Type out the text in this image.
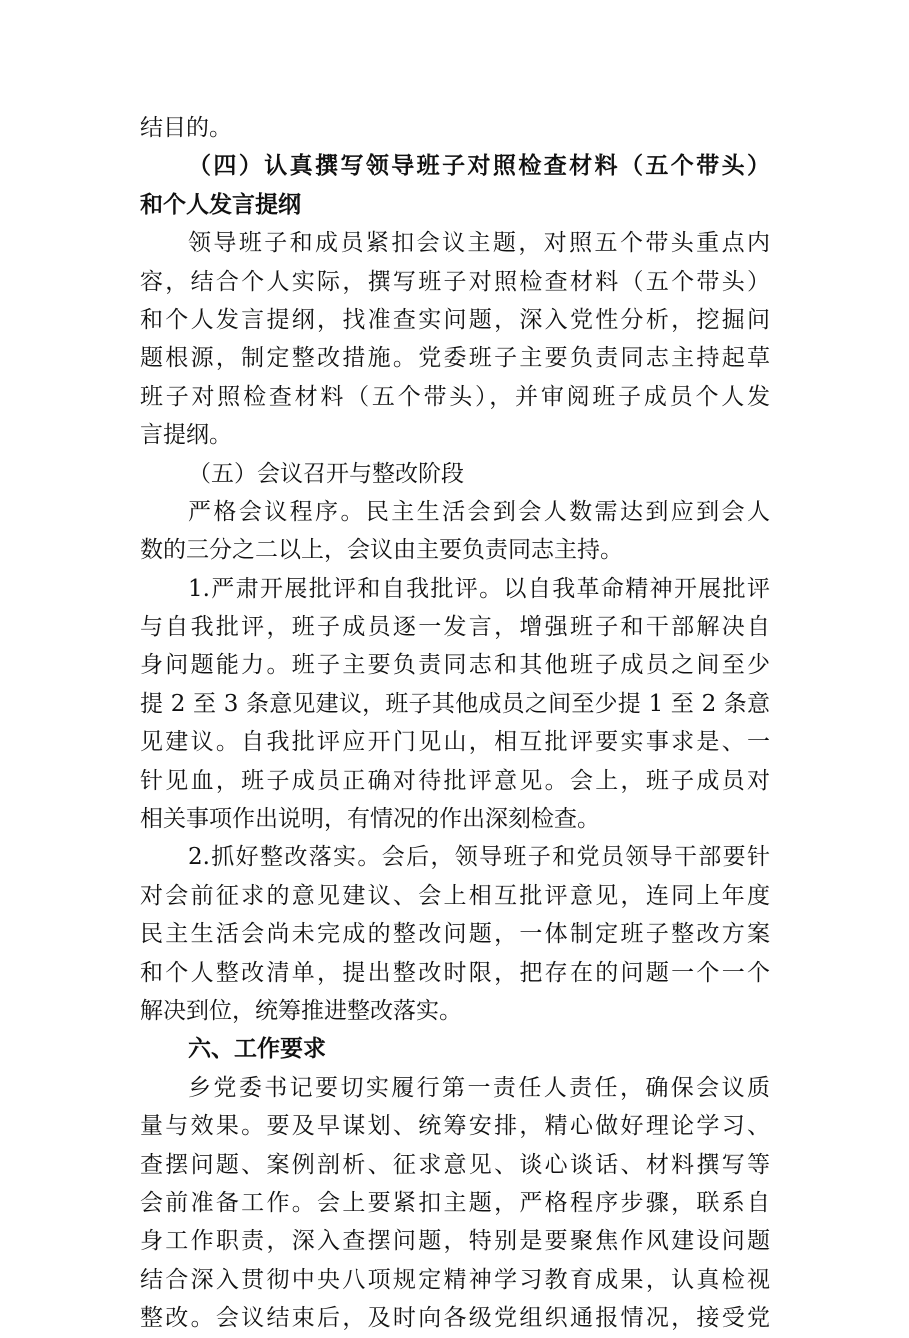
结目的。
（四）认真撰写领导班子对照检查材料（五个带头）
和个人发言提纲
领导班子和成员紧扣会议主题，对照五个带头重点内
容，结合个人实际，撰写班子对照检查材料（五个带头）
和个人发言提纲，找准查实问题，深入党性分析，挖掘问
题根源，制定整改措施。党委班子主要负责同志主持起草
班子对照检查材料（五个带头），并审阅班子成员个人发
言提纲。
（五）会议召开与整改阶段
严格会议程序。民主生活会到会人数需达到应到会人
数的三分之二以上，会议由主要负责同志主持。
1.严肃开展批评和自我批评。以自我革命精神开展批评
与自我批评，班子成员逐一发言，增强班子和干部解决自
身问题能力。班子主要负责同志和其他班子成员之间至少
提 2 至 3 条意见建议，班子其他成员之间至少提 1 至 2 条意
见建议。自我批评应开门见山，相互批评要实事求是、一
针见血，班子成员正确对待批评意见。会上，班子成员对
相关事项作出说明，有情况的作出深刻检查。
2.抓好整改落实。会后，领导班子和党员领导干部要针
对会前征求的意见建议、会上相互批评意见，连同上年度
民主生活会尚未完成的整改问题，一体制定班子整改方案
和个人整改清单，提出整改时限，把存在的问题一个一个
解决到位，统筹推进整改落实。
六、工作要求
乡党委书记要切实履行第一责任人责任，确保会议质
量与效果。要及早谋划、统筹安排，精心做好理论学习、
查摆问题、案例剖析、征求意见、谈心谈话、材料撰写等
会前准备工作。会上要紧扣主题，严格程序步骤，联系自
身工作职责，深入查摆问题，特别是要聚焦作风建设问题
结合深入贯彻中央八项规定精神学习教育成果，认真检视
整改。会议结束后，及时向各级党组织通报情况，接受党
